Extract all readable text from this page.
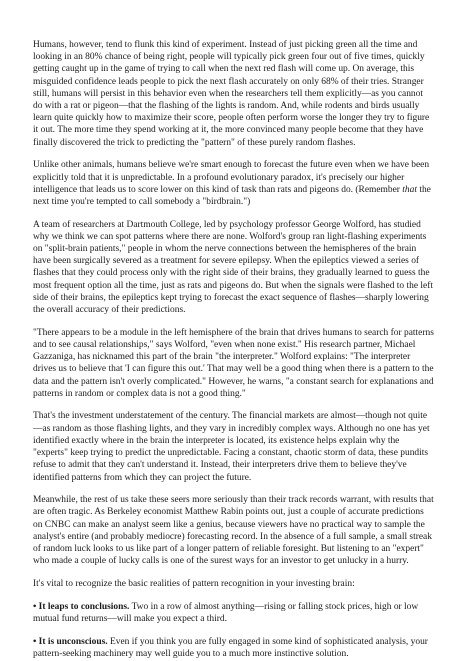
Humans, however, tend to flunk this kind of experiment. Instead of just picking green all the time and looking in an 80% chance of being right, people will typically pick green four out of five times, quickly getting caught up in the game of trying to call when the next red flash will come up. On average, this misguided confidence leads people to pick the next flash accurately on only 68% of their tries. Stranger still, humans will persist in this behavior even when the researchers tell them explicitly—as you cannot do with a rat or pigeon—that the flashing of the lights is random. And, while rodents and birds usually learn quite quickly how to maximize their score, people often perform worse the longer they try to figure it out. The more time they spend working at it, the more convinced many people become that they have finally discovered the trick to predicting the "pattern" of these purely random flashes.

Unlike other animals, humans believe we're smart enough to forecast the future even when we have been explicitly told that it is unpredictable. In a profound evolutionary paradox, it's precisely our higher intelligence that leads us to score lower on this kind of task than rats and pigeons do. (Remember that the next time you're tempted to call somebody a "birdbrain.")

A team of researchers at Dartmouth College, led by psychology professor George Wolford, has studied why we think we can spot patterns where there are none. Wolford's group ran light-flashing experiments on "split-brain patients," people in whom the nerve connections between the hemispheres of the brain have been surgically severed as a treatment for severe epilepsy. When the epileptics viewed a series of flashes that they could process only with the right side of their brains, they gradually learned to guess the most frequent option all the time, just as rats and pigeons do. But when the signals were flashed to the left side of their brains, the epileptics kept trying to forecast the exact sequence of flashes—sharply lowering the overall accuracy of their predictions.

"There appears to be a module in the left hemisphere of the brain that drives humans to search for patterns and to see causal relationships," says Wolford, "even when none exist." His research partner, Michael Gazzaniga, has nicknamed this part of the brain "the interpreter." Wolford explains: "The interpreter drives us to believe that 'I can figure this out.' That may well be a good thing when there is a pattern to the data and the pattern isn't overly complicated." However, he warns, "a constant search for explanations and patterns in random or complex data is not a good thing."

That's the investment understatement of the century. The financial markets are almost—though not quite—as random as those flashing lights, and they vary in incredibly complex ways. Although no one has yet identified exactly where in the brain the interpreter is located, its existence helps explain why the "experts" keep trying to predict the unpredictable. Facing a constant, chaotic storm of data, these pundits refuse to admit that they can't understand it. Instead, their interpreters drive them to believe they've identified patterns from which they can project the future.

Meanwhile, the rest of us take these seers more seriously than their track records warrant, with results that are often tragic. As Berkeley economist Matthew Rabin points out, just a couple of accurate predictions on CNBC can make an analyst seem like a genius, because viewers have no practical way to sample the analyst's entire (and probably mediocre) forecasting record. In the absence of a full sample, a small streak of random luck looks to us like part of a longer pattern of reliable foresight. But listening to an "expert" who made a couple of lucky calls is one of the surest ways for an investor to get unlucky in a hurry.

It's vital to recognize the basic realities of pattern recognition in your investing brain:

• It leaps to conclusions. Two in a row of almost anything—rising or falling stock prices, high or low mutual fund returns—will make you expect a third.

• It is unconscious. Even if you think you are fully engaged in some kind of sophisticated analysis, your pattern-seeking machinery may well guide you to a much more instinctive solution.
